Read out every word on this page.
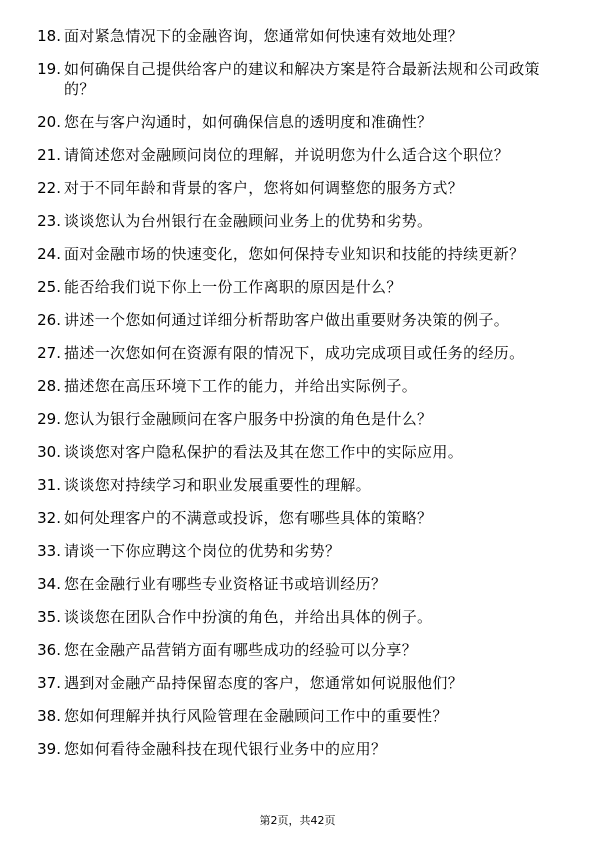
18. 面对紧急情况下的金融咨询，您通常如何快速有效地处理？
19. 如何确保自己提供给客户的建议和解决方案是符合最新法规和公司政策的？
20. 您在与客户沟通时，如何确保信息的透明度和准确性？
21. 请简述您对金融顾问岗位的理解，并说明您为什么适合这个职位？
22. 对于不同年龄和背景的客户，您将如何调整您的服务方式？
23. 谈谈您认为台州银行在金融顾问业务上的优势和劣势。
24. 面对金融市场的快速变化，您如何保持专业知识和技能的持续更新？
25. 能否给我们说下你上一份工作离职的原因是什么？
26. 讲述一个您如何通过详细分析帮助客户做出重要财务决策的例子。
27. 描述一次您如何在资源有限的情况下，成功完成项目或任务的经历。
28. 描述您在高压环境下工作的能力，并给出实际例子。
29. 您认为银行金融顾问在客户服务中扮演的角色是什么？
30. 谈谈您对客户隐私保护的看法及其在您工作中的实际应用。
31. 谈谈您对持续学习和职业发展重要性的理解。
32. 如何处理客户的不满意或投诉，您有哪些具体的策略？
33. 请谈一下你应聘这个岗位的优势和劣势？
34. 您在金融行业有哪些专业资格证书或培训经历？
35. 谈谈您在团队合作中扮演的角色，并给出具体的例子。
36. 您在金融产品营销方面有哪些成功的经验可以分享？
37. 遇到对金融产品持保留态度的客户，您通常如何说服他们？
38. 您如何理解并执行风险管理在金融顾问工作中的重要性？
39. 您如何看待金融科技在现代银行业务中的应用？
第2页，共42页
